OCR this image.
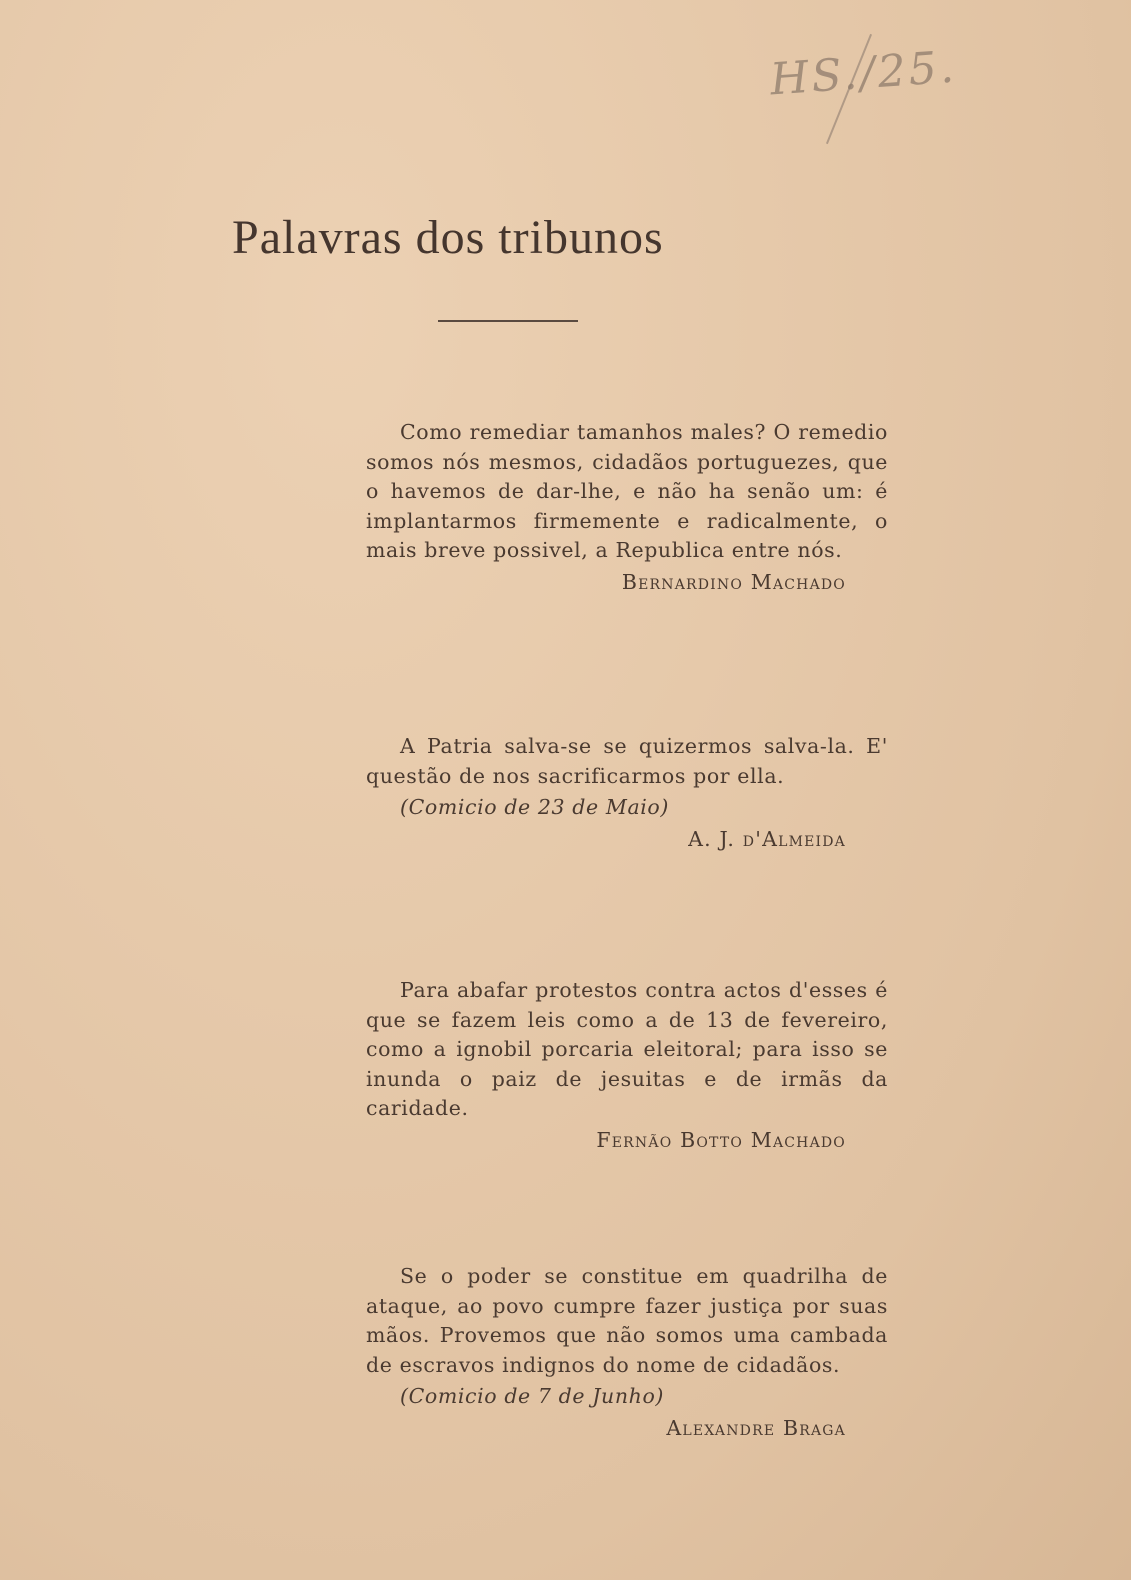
HS./25.
Palavras dos tribunos

Como remediar tamanhos males? O remedio somos nós mesmos, cidadãos portuguezes, que o havemos de dar-lhe, e não ha senão um: é implantarmos firmemente e radicalmente, o mais breve possivel, a Republica entre nós.

Bernardino Machado

A Patria salva-se se quizermos salva-la. E' questão de nos sacrificarmos por ella.

(Comicio de 23 de Maio)
A. J. d'Almeida

Para abafar protestos contra actos d'esses é que se fazem leis como a de 13 de fevereiro, como a ignobil porcaria eleitoral; para isso se inunda o paiz de jesuitas e de irmãs da caridade.

Fernão Botto Machado

Se o poder se constitue em quadrilha de ataque, ao povo cumpre fazer justiça por suas mãos. Provemos que não somos uma cambada de escravos indignos do nome de cidadãos.

(Comicio de 7 de Junho)
Alexandre Braga
